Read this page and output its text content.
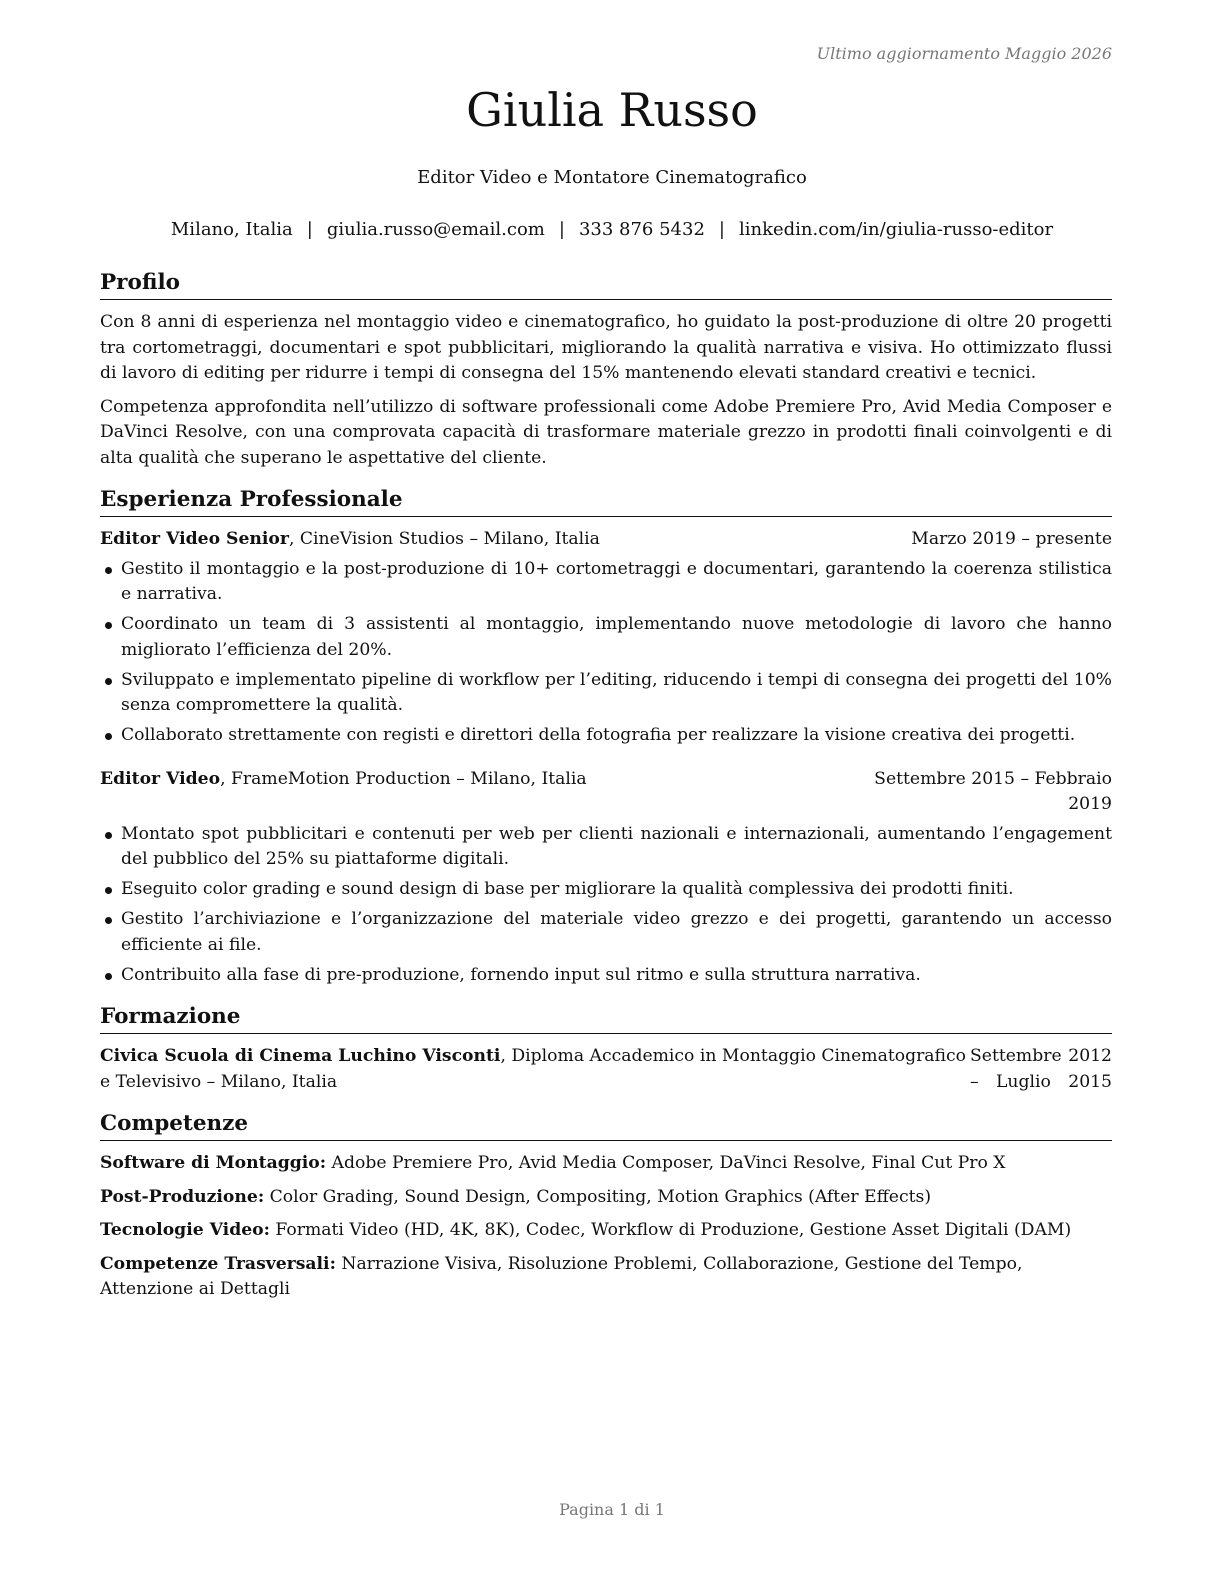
Ultimo aggiornamento Maggio 2026
Giulia Russo
Editor Video e Montatore Cinematografico
Milano, Italia | giulia.russo@email.com | 333 876 5432 | linkedin.com/in/giulia-russo-editor
Profilo

Con 8 anni di esperienza nel montaggio video e cinematografico, ho guidato la post-produzione di oltre 20 progetti tra cortometraggi, documentari e spot pubblicitari, migliorando la qualità narrativa e visiva. Ho ottimizzato flussi di lavoro di editing per ridurre i tempi di consegna del 15% mantenendo elevati standard creativi e tecnici.

Competenza approfondita nell’utilizzo di software professionali come Adobe Premiere Pro, Avid Media Composer e DaVinci Resolve, con una comprovata capacità di trasformare materiale grezzo in prodotti finali coinvolgenti e di alta qualità che superano le aspettative del cliente.

Esperienza Professionale
Editor Video Senior, CineVision Studios – Milano, Italia	Marzo 2019 – presente
Gestito il montaggio e la post-produzione di 10+ cortometraggi e documentari, garantendo la coerenza stilistica e narrativa.
Coordinato un team di 3 assistenti al montaggio, implementando nuove metodologie di lavoro che hanno migliorato l’efficienza del 20%.
Sviluppato e implementato pipeline di workflow per l’editing, riducendo i tempi di consegna dei progetti del 10% senza compromettere la qualità.
Collaborato strettamente con registi e direttori della fotografia per realizzare la visione creativa dei progetti.
Editor Video, FrameMotion Production – Milano, Italia	Settembre 2015 – Febbraio 2019
Montato spot pubblicitari e contenuti per web per clienti nazionali e internazionali, aumentando l’engagement del pubblico del 25% su piattaforme digitali.
Eseguito color grading e sound design di base per migliorare la qualità complessiva dei prodotti finiti.
Gestito l’archiviazione e l’organizzazione del materiale video grezzo e dei progetti, garantendo un accesso efficiente ai file.
Contribuito alla fase di pre-produzione, fornendo input sul ritmo e sulla struttura narrativa.
Formazione
Civica Scuola di Cinema Luchino Visconti, Diploma Accademico in Montaggio Cinematografico e Televisivo – Milano, Italia
Settembre 2012 – Luglio 2015
Competenze
Software di Montaggio: Adobe Premiere Pro, Avid Media Composer, DaVinci Resolve, Final Cut Pro X
Post-Produzione: Color Grading, Sound Design, Compositing, Motion Graphics (After Effects)
Tecnologie Video: Formati Video (HD, 4K, 8K), Codec, Workflow di Produzione, Gestione Asset Digitali (DAM)
Competenze Trasversali: Narrazione Visiva, Risoluzione Problemi, Collaborazione, Gestione del Tempo, Attenzione ai Dettagli
Pagina 1 di 1
